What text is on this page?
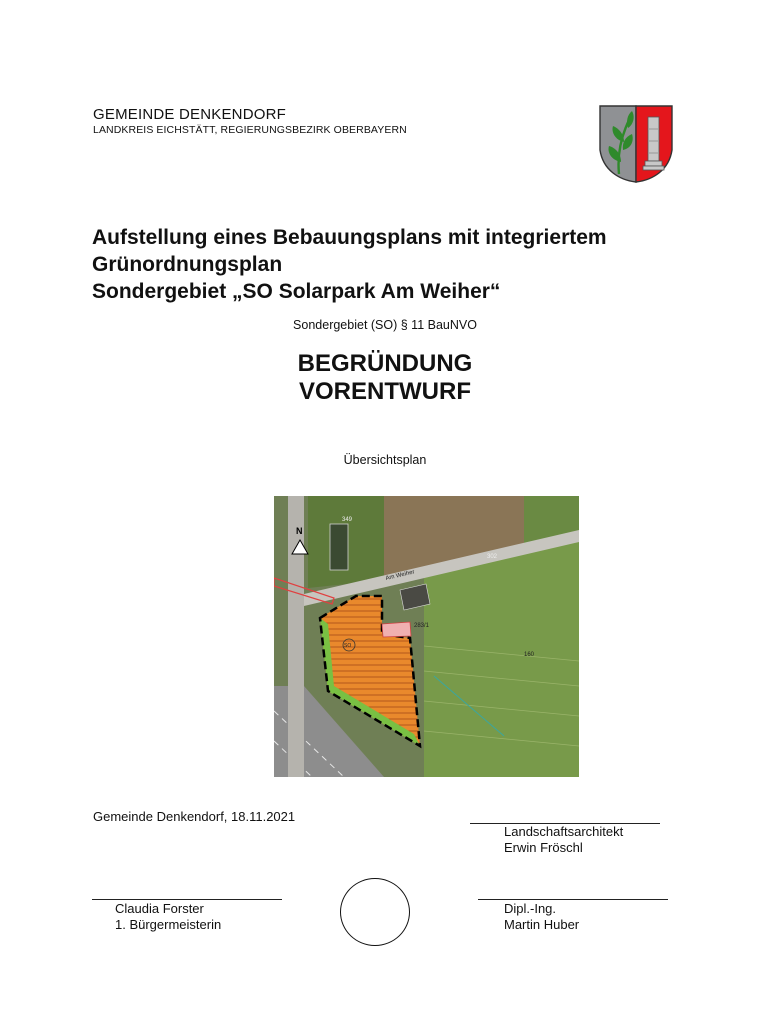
GEMEINDE DENKENDORF
LANDKREIS EICHSTÄTT, REGIERUNGSBEZIRK OBERBAYERN
Aufstellung eines Bebauungsplans mit integriertem
Grünordnungsplan
Sondergebiet „SO Solarpark Am Weiher“
Sondergebiet (SO) § 11 BauNVO
BEGRÜNDUNG
VORENTWURF
Übersichtsplan
N
349
302
Am Weiher
283/1
160
SO
Gemeinde Denkendorf, 18.11.2021
Landschaftsarchitekt
Erwin Fröschl
Claudia Forster
1. Bürgermeisterin
Dipl.-Ing.
Martin Huber
